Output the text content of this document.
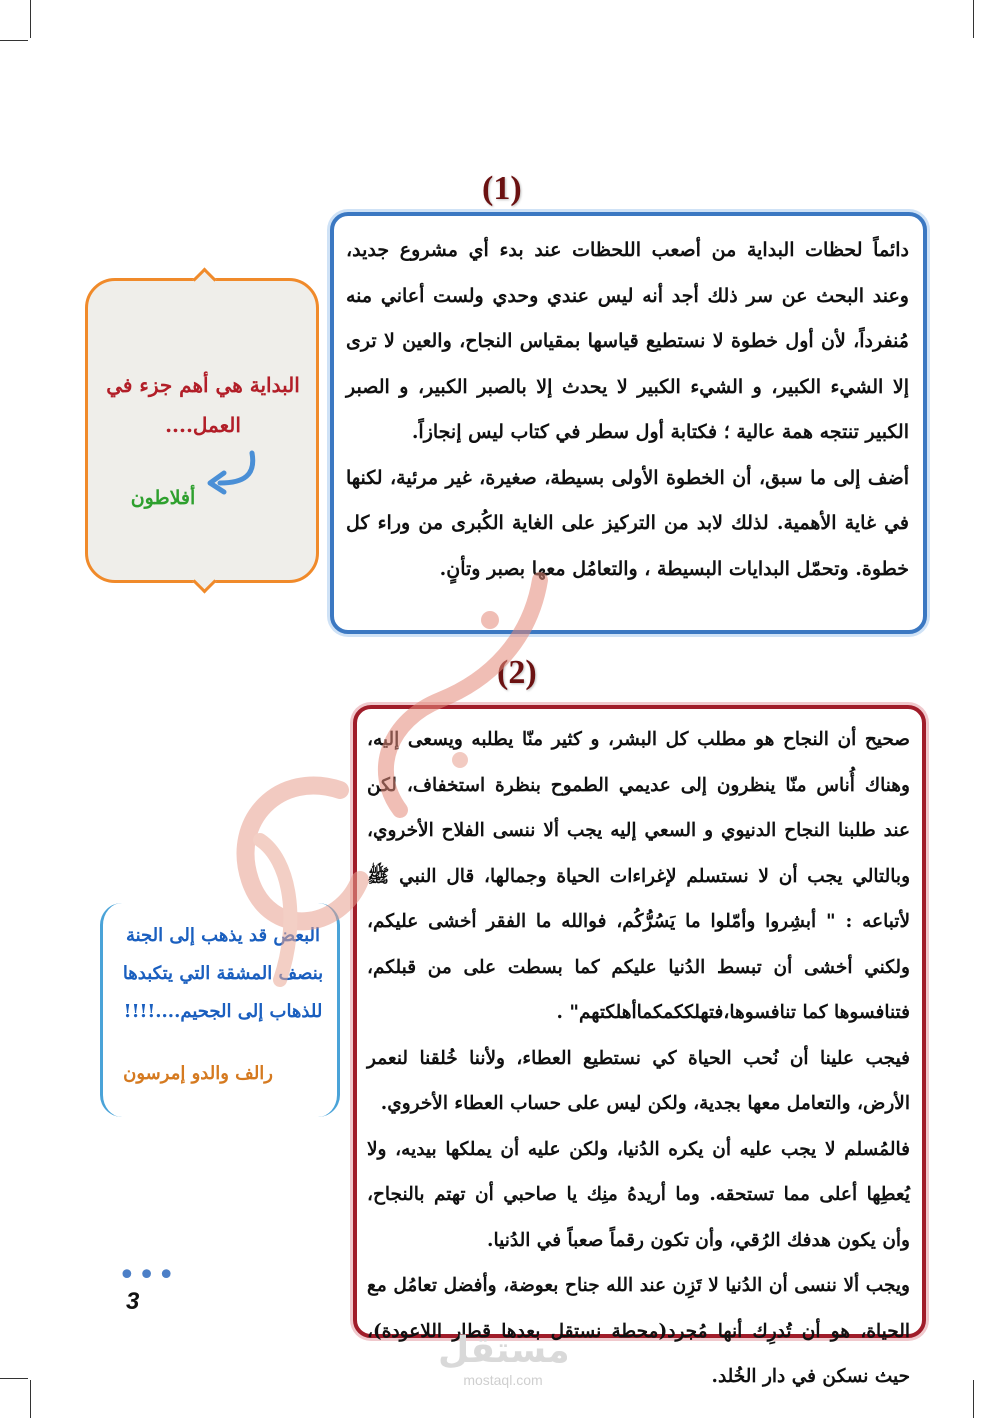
(1)

دائماً لحظات البداية من أصعب اللحظات عند بدء أي مشروع جديد، وعند البحث عن سر ذلك أجد أنه ليس عندي وحدي ولست أعاني منه مُنفرداً، لأن أول خطوة لا نستطيع قياسها بمقياس النجاح، والعين لا ترى إلا الشيء الكبير، و الشيء الكبير لا يحدث إلا بالصبر الكبير، و الصبر الكبير تنتجه همة عالية ؛ فكتابة أول سطر في كتاب ليس إنجازاً.

أضف إلى ما سبق، أن الخطوة الأولى بسيطة، صغيرة، غير مرئية، لكنها في غاية الأهمية. لذلك لابد من التركيز على الغاية الكُبرى من وراء كل خطوة. وتحمّل البدايات البسيطة ، والتعامُل معها بصبر وتأنٍ.

البداية هي أهم جزء في العمل....
أفلاطون
(2)

صحيح أن النجاح هو مطلب كل البشر، و كثير منّا يطلبه ويسعى إليه، وهناك أُناس منّا ينظرون إلى عديمي الطموح بنظرة استخفاف، لكن عند طلبنا النجاح الدنيوي و السعي إليه يجب ألا ننسى الفلاح الأخروي، وبالتالي يجب أن لا نستسلم لإغراءات الحياة وجمالها، قال النبي ﷺ لأتباعه : " أبشِروا وأمّلوا ما يَسُرُّكُم، فوالله ما الفقر أخشى عليكم، ولكني أخشى أن تبسط الدُنيا عليكم كما بسطت على من قبلكم، فتنافسوها كما تنافسوها،فتهلككمكماأهلكتهم" .

فيجب علينا أن نُحب الحياة كي نستطيع العطاء، ولأننا خُلقنا لنعمر الأرض، والتعامل معها بجدية، ولكن ليس على حساب العطاء الأخروي.

فالمُسلم لا يجب عليه أن يكره الدُنيا، ولكن عليه أن يملكها بيديه، ولا يُعطِها أعلى مما تستحقه. وما أريدهُ منِك يا صاحبي أن تهتم بالنجاح، وأن يكون هدفك الرُقي، وأن تكون رقماً صعباً في الدُنيا.

ويجب ألا ننسى أن الدُنيا لا تَزِن عند الله جناح بعوضة، وأفضل تعامُل مع الحياة، هو أن تُدرِك أنها مُجرد(محطة نستقل بعدها قطار اللاعودة)، حيث نسكن في دار الخُلد.

البعض قد يذهب إلى الجنة بنصف المشقة التي يتكبدها للذهاب إلى الجحيم....!!!!
رالف والدو إمرسون
•••
3
مستقل
mostaql.com
